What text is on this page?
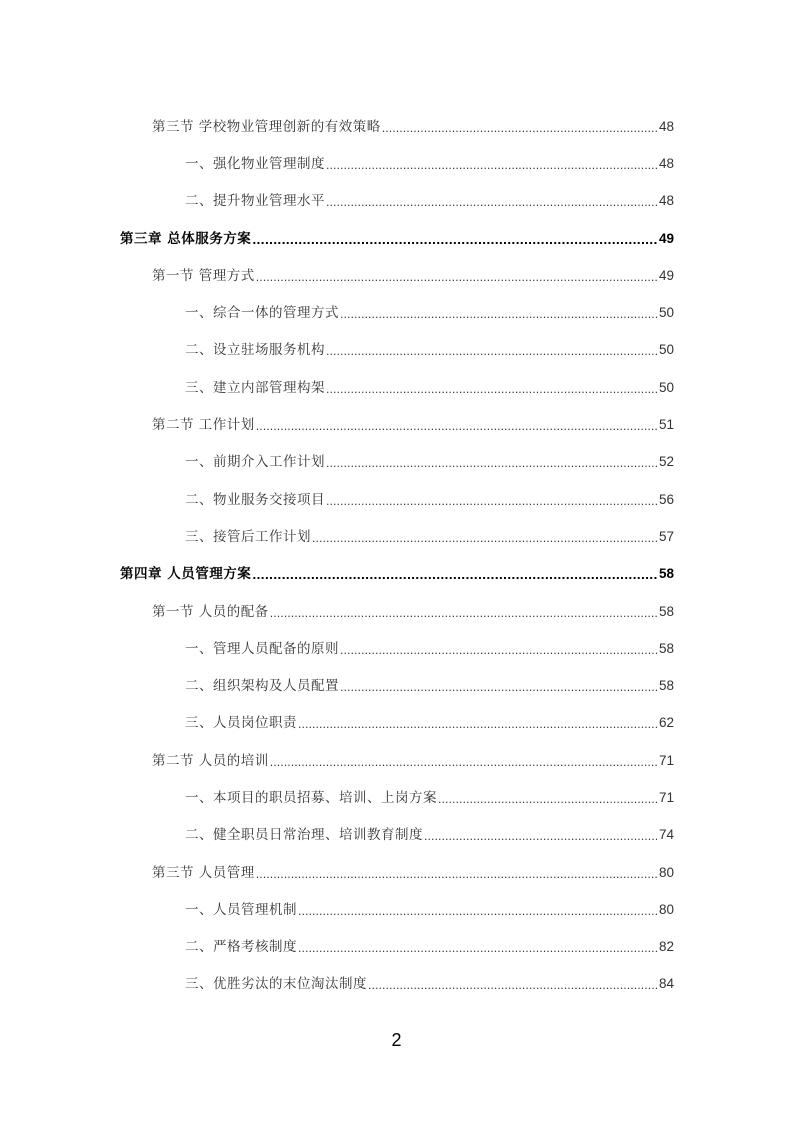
第三节 学校物业管理创新的有效策略 .....	48
一、强化物业管理制度 .....	48
二、提升物业管理水平 .....	48
第三章 总体服务方案 .....	49
第一节 管理方式 .....	49
一、综合一体的管理方式 .....	50
二、设立驻场服务机构 .....	50
三、建立内部管理构架 .....	50
第二节 工作计划 .....	51
一、前期介入工作计划 .....	52
二、物业服务交接项目 .....	56
三、接管后工作计划 .....	57
第四章 人员管理方案 .....	58
第一节 人员的配备 .....	58
一、管理人员配备的原则 .....	58
二、组织架构及人员配置 .....	58
三、人员岗位职责 .....	62
第二节 人员的培训 .....	71
一、本项目的职员招募、培训、上岗方案 .....	71
二、健全职员日常治理、培训教育制度 .....	74
第三节 人员管理 .....	80
一、人员管理机制 .....	80
二、严格考核制度 .....	82
三、优胜劣汰的末位淘汰制度 .....	84
2
